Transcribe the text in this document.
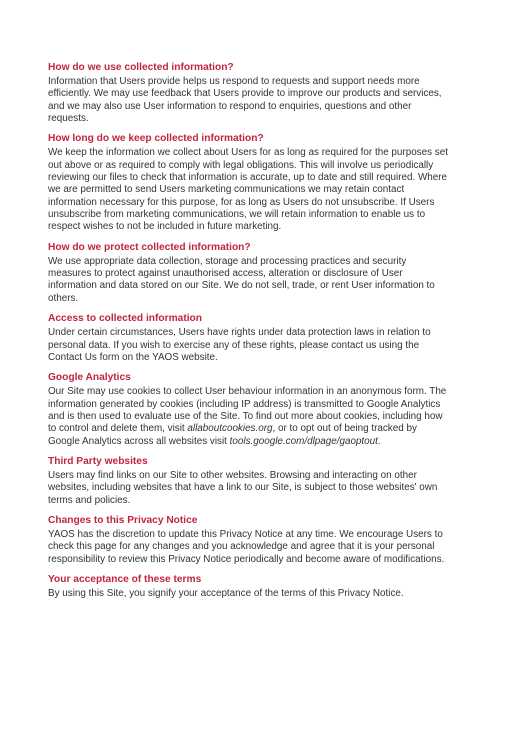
How do we use collected information?

Information that Users provide helps us respond to requests and support needs more
efficiently. We may use feedback that Users provide to improve our products and services,
and we may also use User information to respond to enquiries, questions and other
requests.

How long do we keep collected information?

We keep the information we collect about Users for as long as required for the purposes set
out above or as required to comply with legal obligations. This will involve us periodically
reviewing our files to check that information is accurate, up to date and still required. Where
we are permitted to send Users marketing communications we may retain contact
information necessary for this purpose, for as long as Users do not unsubscribe. If Users
unsubscribe from marketing communications, we will retain information to enable us to
respect wishes to not be included in future marketing.

How do we protect collected information?

We use appropriate data collection, storage and processing practices and security
measures to protect against unauthorised access, alteration or disclosure of User
information and data stored on our Site. We do not sell, trade, or rent User information to
others.

Access to collected information

Under certain circumstances, Users have rights under data protection laws in relation to
personal data. If you wish to exercise any of these rights, please contact us using the
Contact Us form on the YAOS website.

Google Analytics

Our Site may use cookies to collect User behaviour information in an anonymous form. The
information generated by cookies (including IP address) is transmitted to Google Analytics
and is then used to evaluate use of the Site. To find out more about cookies, including how
to control and delete them, visit allaboutcookies.org, or to opt out of being tracked by
Google Analytics across all websites visit tools.google.com/dlpage/gaoptout.

Third Party websites

Users may find links on our Site to other websites. Browsing and interacting on other
websites, including websites that have a link to our Site, is subject to those websites' own
terms and policies.

Changes to this Privacy Notice

YAOS has the discretion to update this Privacy Notice at any time. We encourage Users to
check this page for any changes and you acknowledge and agree that it is your personal
responsibility to review this Privacy Notice periodically and become aware of modifications.

Your acceptance of these terms

By using this Site, you signify your acceptance of the terms of this Privacy Notice.
